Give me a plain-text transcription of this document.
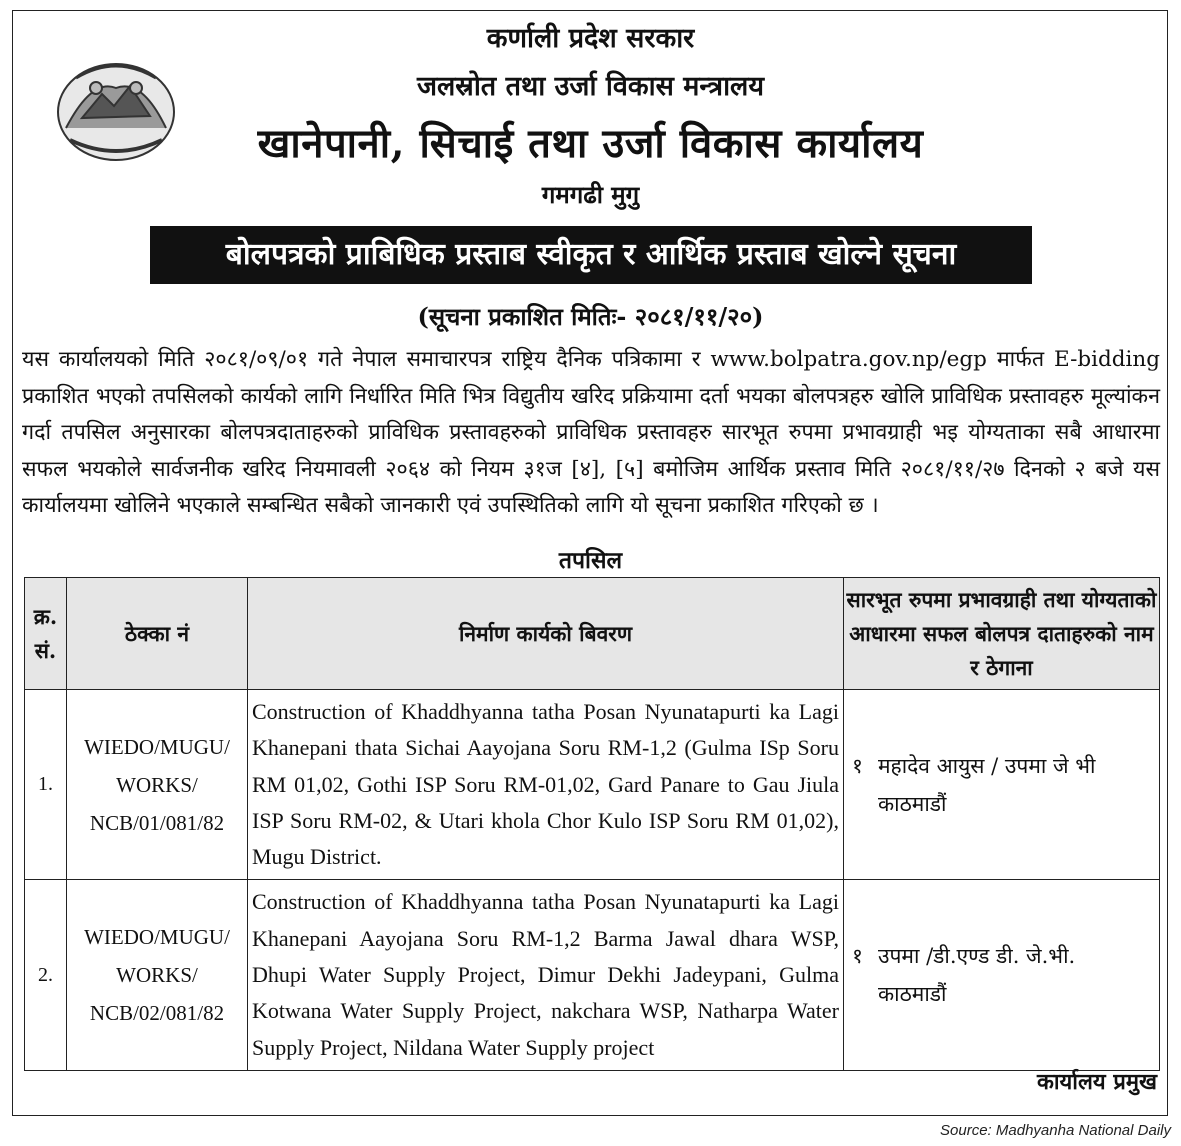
कर्णाली प्रदेश सरकार
जलस्रोत तथा उर्जा विकास मन्त्रालय
खानेपानी, सिचाई तथा उर्जा विकास कार्यालय
गमगढी मुगु
बोलपत्रको प्राबिधिक प्रस्ताब स्वीकृत र आर्थिक प्रस्ताब खोल्ने सूचना
(सूचना प्रकाशित मितिः- २०८१/११/२०)

यस कार्यालयको मिति २०८१/०९/०१ गते नेपाल समाचारपत्र राष्ट्रिय दैनिक पत्रिकामा र www.bolpatra.gov.np/egp मार्फत E-bidding प्रकाशित भएको तपसिलको कार्यको लागि निर्धारित मिति भित्र विद्युतीय खरिद प्रक्रियामा दर्ता भयका बोलपत्रहरु खोलि प्राविधिक प्रस्तावहरु मूल्यांकन गर्दा तपसिल अनुसारका बोलपत्रदाताहरुको प्राविधिक प्रस्तावहरुको प्राविधिक प्रस्तावहरु सारभूत रुपमा प्रभावग्राही भइ योग्यताका सबै आधारमा सफल भयकोले सार्वजनीक खरिद नियमावली २०६४ को नियम ३१ज [४], [५] बमोजिम आर्थिक प्रस्ताव मिति २०८१/११/२७ दिनको २ बजे यस कार्यालयमा खोलिने भएकाले सम्बन्धित सबैको जानकारी एवं उपस्थितिको लागि यो सूचना प्रकाशित गरिएको छ ।

तपसिल
क्र. सं.	ठेक्का नं	निर्माण कार्यको बिवरण	सारभूत रुपमा प्रभावग्राही तथा योग्यताको आधारमा सफल बोलपत्र दाताहरुको नाम र ठेगाना
1.	WIEDO/MUGU/ WORKS/ NCB/01/081/82	Construction of Khaddhyanna tatha Posan Nyunatapurti ka Lagi Khanepani thata Sichai Aayojana Soru RM-1,2 (Gulma ISp Soru RM 01,02, Gothi ISP Soru RM-01,02, Gard Panare to Gau Jiula ISP Soru RM-02, & Utari khola Chor Kulo ISP Soru RM 01,02), Mugu District.	१ महादेव आयुस / उपमा जे भी
काठमाडौं

2.	WIEDO/MUGU/ WORKS/ NCB/02/081/82	Construction of Khaddhyanna tatha Posan Nyunatapurti ka Lagi Khanepani Aayojana Soru RM-1,2 Barma Jawal dhara WSP, Dhupi Water Supply Project, Dimur Dekhi Jadeypani, Gulma Kotwana Water Supply Project, nakchara WSP, Natharpa Water Supply Project, Nildana Water Supply project	१ उपमा /डी.एण्ड डी. जे.भी.
काठमाडौं
कार्यालय प्रमुख
Source: Madhyanha National Daily
